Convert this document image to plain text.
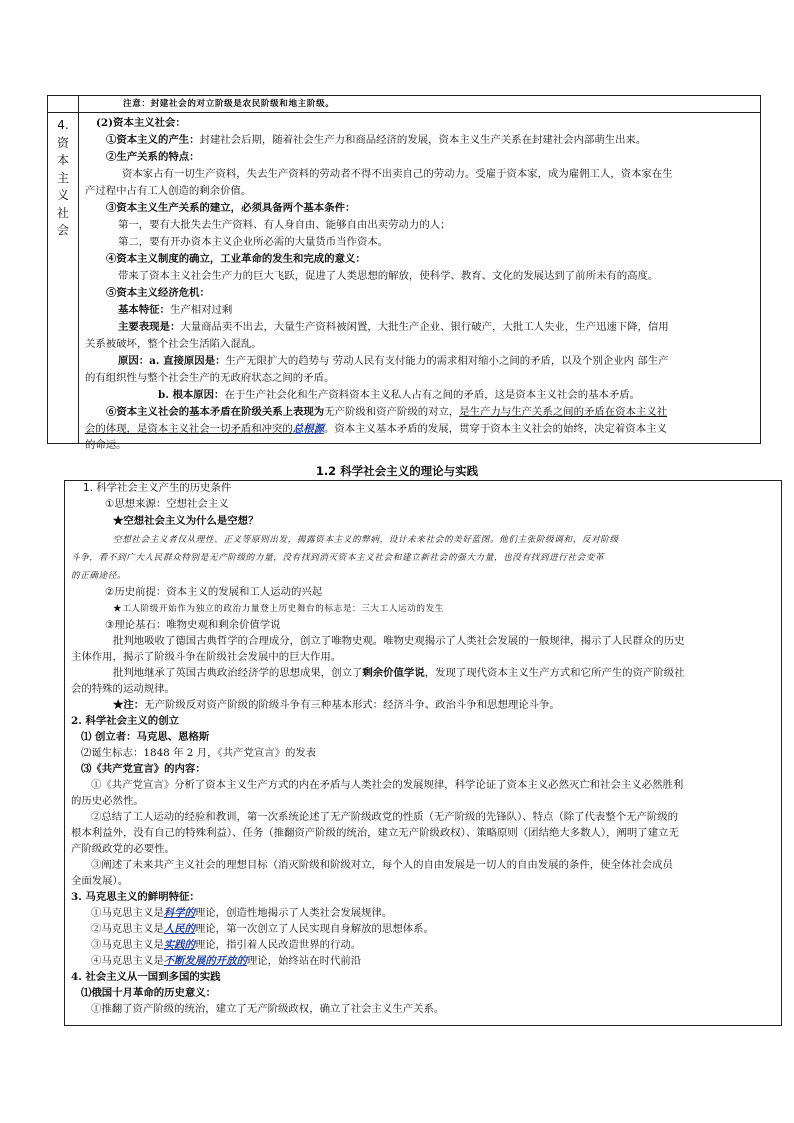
4.
资
本
主
义
社
会
注意：封建社会的对立阶级是农民阶级和地主阶级。
(2)资本主义社会：
①资本主义的产生：封建社会后期，随着社会生产力和商品经济的发展，资本主义生产关系在封建社会内部萌生出来。
②生产关系的特点：
资本家占有一切生产资料，失去生产资料的劳动者不得不出卖自己的劳动力。受雇于资本家，成为雇佣工人，资本家在生
产过程中占有工人创造的剩余价值。
③资本主义生产关系的建立，必须具备两个基本条件：
第一，要有大批失去生产资料、有人身自由、能够自由出卖劳动力的人；
第二，要有开办资本主义企业所必需的大量货币当作资本。
④资本主义制度的确立，工业革命的发生和完成的意义：
带来了资本主义社会生产力的巨大飞跃，促进了人类思想的解放，使科学、教育、文化的发展达到了前所未有的高度。
⑤资本主义经济危机：
基本特征：生产相对过剩
主要表现是：大量商品卖不出去，大量生产资料被闲置，大批生产企业、银行破产，大批工人失业，生产迅速下降，信用
关系被破坏，整个社会生活陷入混乱。
原因：a. 直接原因是：生产无限扩大的趋势与 劳动人民有支付能力的需求相对缩小之间的矛盾，以及个别企业内 部生产
的有组织性与整个社会生产的无政府状态之间的矛盾。
b. 根本原因：在于生产社会化和生产资料资本主义私人占有之间的矛盾，这是资本主义社会的基本矛盾。
⑥资本主义社会的基本矛盾在阶级关系上表现为无产阶级和资产阶级的对立，是生产力与生产关系之间的矛盾在资本主义社
会的体现，是资本主义社会一切矛盾和冲突的总根源。资本主义基本矛盾的发展，贯穿于资本主义社会的始终，决定着资本主义
的命运。
1.2 科学社会主义的理论与实践
1. 科学社会主义产生的历史条件
①思想来源：空想社会主义
★空想社会主义为什么是空想？
空想社会主义者仅从理性、正义等原则出发，揭露资本主义的弊病，设计未来社会的美好蓝图。他们主张阶级调和，反对阶级
斗争，看不到广大人民群众特别是无产阶级的力量，没有找到消灭资本主义社会和建立新社会的强大力量，也没有找到进行社会变革
的正确途径。
②历史前提：资本主义的发展和工人运动的兴起
★工人阶级开始作为独立的政治力量登上历史舞台的标志是：三大工人运动的发生
③理论基石：唯物史观和剩余价值学说
批判地吸收了德国古典哲学的合理成分，创立了唯物史观。唯物史观揭示了人类社会发展的一般规律，揭示了人民群众的历史
主体作用，揭示了阶级斗争在阶级社会发展中的巨大作用。
批判地继承了英国古典政治经济学的思想成果，创立了剩余价值学说，发现了现代资本主义生产方式和它所产生的资产阶级社
会的特殊的运动规律。
★注：无产阶级反对资产阶级的阶级斗争有三种基本形式：经济斗争、政治斗争和思想理论斗争。
2. 科学社会主义的创立
⑴ 创立者：马克思、恩格斯
⑵诞生标志：1848 年 2 月，《共产党宣言》的发表
⑶《共产党宣言》的内容：
①《共产党宣言》分析了资本主义生产方式的内在矛盾与人类社会的发展规律，科学论证了资本主义必然灭亡和社会主义必然胜利
的历史必然性。
②总结了工人运动的经验和教训，第一次系统论述了无产阶级政党的性质（无产阶级的先锋队）、特点（除了代表整个无产阶级的
根本利益外，没有自己的特殊利益）、任务（推翻资产阶级的统治，建立无产阶级政权）、策略原则（团结绝大多数人），阐明了建立无
产阶级政党的必要性。
③阐述了未来共产主义社会的理想目标（消灭阶级和阶级对立，每个人的自由发展是一切人的自由发展的条件，使全体社会成员
全面发展）。
3. 马克思主义的鲜明特征：
①马克思主义是科学的理论，创造性地揭示了人类社会发展规律。
②马克思主义是人民的理论，第一次创立了人民实现自身解放的思想体系。
③马克思主义是实践的理论，指引着人民改造世界的行动。
④马克思主义是不断发展的开放的理论，始终站在时代前沿
4. 社会主义从一国到多国的实践
⑴俄国十月革命的历史意义：
①推翻了资产阶级的统治，建立了无产阶级政权，确立了社会主义生产关系。
